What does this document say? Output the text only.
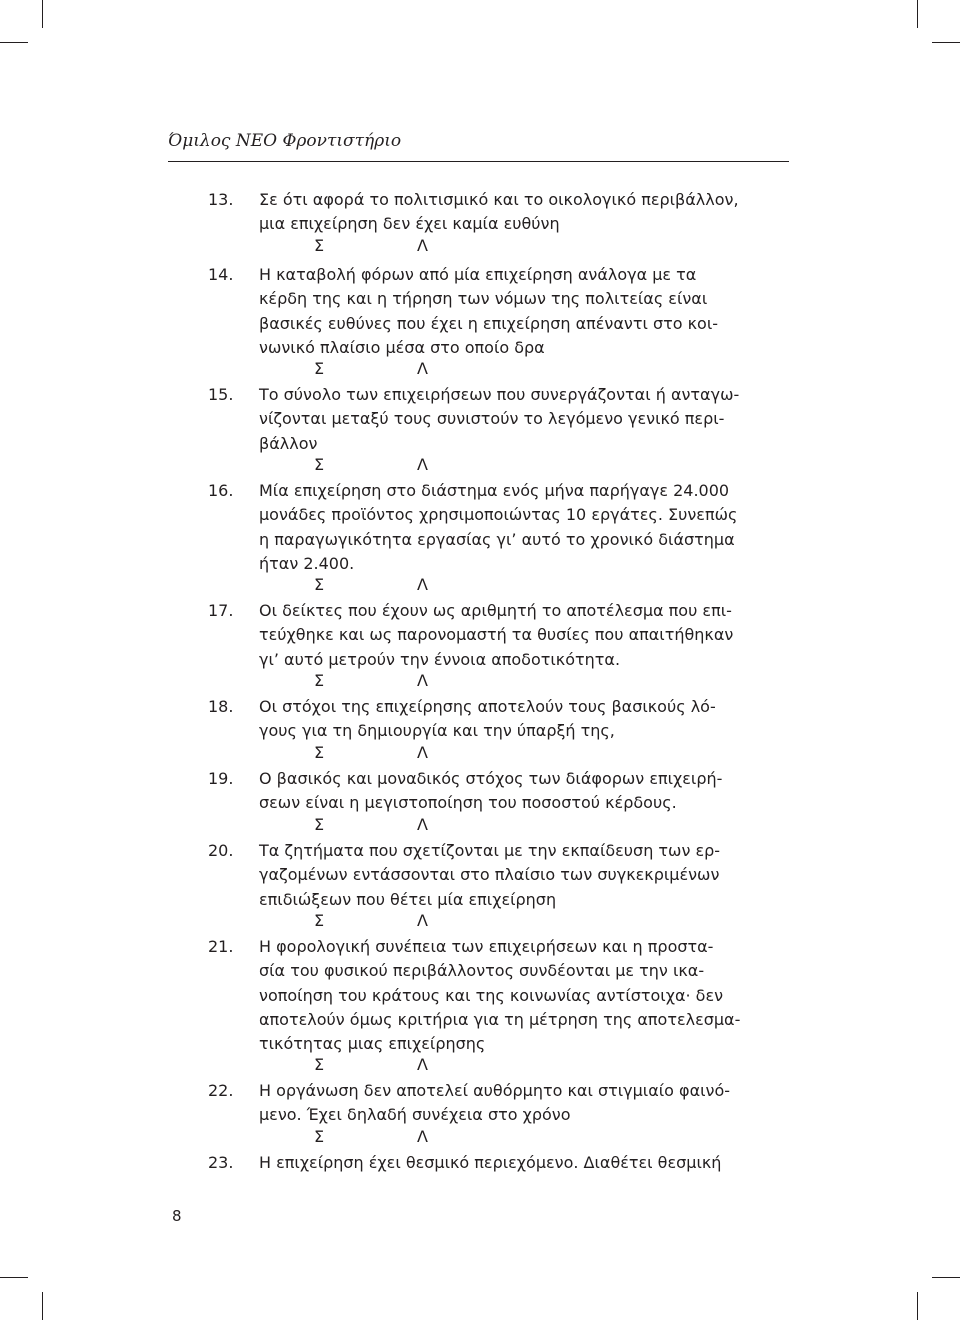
Όμιλος ΝΕΟ Φροντιστήριο
13.	Σε ότι αφορά το πολιτισμικό και το οικολογικό περιβάλλον,
μια επιχείρηση δεν έχει καμία ευθύνη
Σ	Λ
14.	Η καταβολή φόρων από μία επιχείρηση ανάλογα με τα
κέρδη της και η τήρηση των νόμων της πολιτείας είναι
βασικές ευθύνες που έχει η επιχείρηση απέναντι στο κοι-
νωνικό πλαίσιο μέσα στο οποίο δρα
Σ	Λ
15.	Το σύνολο των επιχειρήσεων που συνεργάζονται ή ανταγω-
νίζονται μεταξύ τους συνιστούν το λεγόμενο γενικό περι-
βάλλον
Σ	Λ
16.	Μία επιχείρηση στο διάστημα ενός μήνα παρήγαγε 24.000
μονάδες προϊόντος χρησιμοποιώντας 10 εργάτες. Συνεπώς
η παραγωγικότητα εργασίας γι’ αυτό το χρονικό διάστημα
ήταν 2.400.
Σ	Λ
17.	Οι δείκτες που έχουν ως αριθμητή το αποτέλεσμα που επι-
τεύχθηκε και ως παρονομαστή τα θυσίες που απαιτήθηκαν
γι’ αυτό μετρούν την έννοια αποδοτικότητα.
Σ	Λ
18.	Οι στόχοι της επιχείρησης αποτελούν τους βασικούς λό-
γους για τη δημιουργία και την ύπαρξή της,
Σ	Λ
19.	Ο βασικός και μοναδικός στόχος των διάφορων επιχειρή-
σεων είναι η μεγιστοποίηση του ποσοστού κέρδους.
Σ	Λ
20.	Τα ζητήματα που σχετίζονται με την εκπαίδευση των ερ-
γαζομένων εντάσσονται στο πλαίσιο των συγκεκριμένων
επιδιώξεων που θέτει μία επιχείρηση
Σ	Λ
21.	Η φορολογική συνέπεια των επιχειρήσεων και η προστα-
σία του φυσικού περιβάλλοντος συνδέονται με την ικα-
νοποίηση του κράτους και της κοινωνίας αντίστοιχα· δεν
αποτελούν όμως κριτήρια για τη μέτρηση της αποτελεσμα-
τικότητας μιας επιχείρησης
Σ	Λ
22.	Η οργάνωση δεν αποτελεί αυθόρμητο και στιγμιαίο φαινό-
μενο. Έχει δηλαδή συνέχεια στο χρόνο
Σ	Λ
23.	Η επιχείρηση έχει θεσμικό περιεχόμενο. Διαθέτει θεσμική
8
